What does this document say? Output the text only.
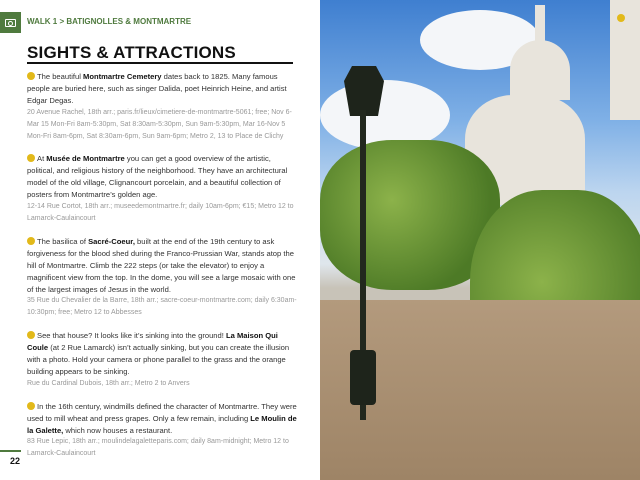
WALK 1 > BATIGNOLLES & MONTMARTRE
SIGHTS & ATTRACTIONS
The beautiful Montmartre Cemetery dates back to 1825. Many famous people are buried here, such as singer Dalida, poet Heinrich Heine, and artist Edgar Degas.
20 Avenue Rachel, 18th arr.; paris.fr/lieux/cimetiere-de-montmartre-5061; free; Nov 6-Mar 15 Mon-Fri 8am-5:30pm, Sat 8:30am-5:30pm, Sun 9am-5:30pm, Mar 16-Nov 5 Mon-Fri 8am-6pm, Sat 8:30am-6pm, Sun 9am-6pm; Metro 2, 13 to Place de Clichy
At Musée de Montmartre you can get a good overview of the artistic, political, and religious history of the neighborhood. They have an architectural model of the old village, Clignancourt porcelain, and a beautiful collection of posters from Montmartre’s golden age.
12-14 Rue Cortot, 18th arr.; museedemontmartre.fr; daily 10am-6pm; €15; Metro 12 to Lamarck-Caulaincourt
The basilica of Sacré-Coeur, built at the end of the 19th century to ask forgiveness for the blood shed during the Franco-Prussian War, stands atop the hill of Montmartre. Climb the 222 steps (or take the elevator) to enjoy a magnificent view from the top. In the dome, you will see a large mosaic with one of the largest images of Jesus in the world.
35 Rue du Chevalier de la Barre, 18th arr.; sacre-coeur-montmartre.com; daily 6:30am-10:30pm; free; Metro 12 to Abbesses
See that house? It looks like it’s sinking into the ground! La Maison Qui Coule (at 2 Rue Lamarck) isn’t actually sinking, but you can create the illusion with a photo. Hold your camera or phone parallel to the grass and the orange building appears to be sinking.
Rue du Cardinal Dubois, 18th arr.; Metro 2 to Anvers
In the 16th century, windmills defined the character of Montmartre. They were used to mill wheat and press grapes. Only a few remain, including Le Moulin de la Galette, which now houses a restaurant.
83 Rue Lepic, 18th arr.; moulindelagaletteparis.com; daily 8am-midnight; Metro 12 to Lamarck-Caulaincourt
22
